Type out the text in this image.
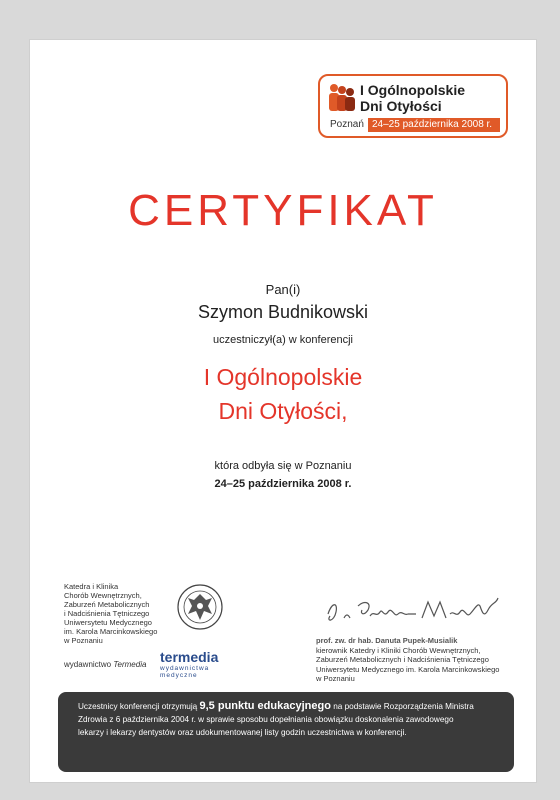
I Ogólnopolskie
Dni Otyłości
Poznań 24–25 października 2008 r.
CERTYFIKAT
Pan(i)
Szymon Budnikowski
uczestniczył(a) w konferencji
I Ogólnopolskie
Dni Otyłości,
która odbyła się w Poznaniu
24–25 października 2008 r.
Katedra i Klinika
Chorób Wewnętrznych,
Zaburzeń Metabolicznych
i Nadciśnienia Tętniczego
Uniwersytetu Medycznego
im. Karola Marcinkowskiego
w Poznaniu
wydawnictwo Termedia termedia
wydawnictwa
medyczne
prof. zw. dr hab. Danuta Pupek-Musialik
kierownik Katedry i Kliniki Chorób Wewnętrznych,
Zaburzeń Metabolicznych i Nadciśnienia Tętniczego
Uniwersytetu Medycznego im. Karola Marcinkowskiego
w Poznaniu
Uczestnicy konferencji otrzymują 9,5 punktu edukacyjnego na podstawie Rozporządzenia Ministra
Zdrowia z 6 października 2004 r. w sprawie sposobu dopełniania obowiązku doskonalenia zawodowego
lekarzy i lekarzy dentystów oraz udokumentowanej listy godzin uczestnictwa w konferencji.
